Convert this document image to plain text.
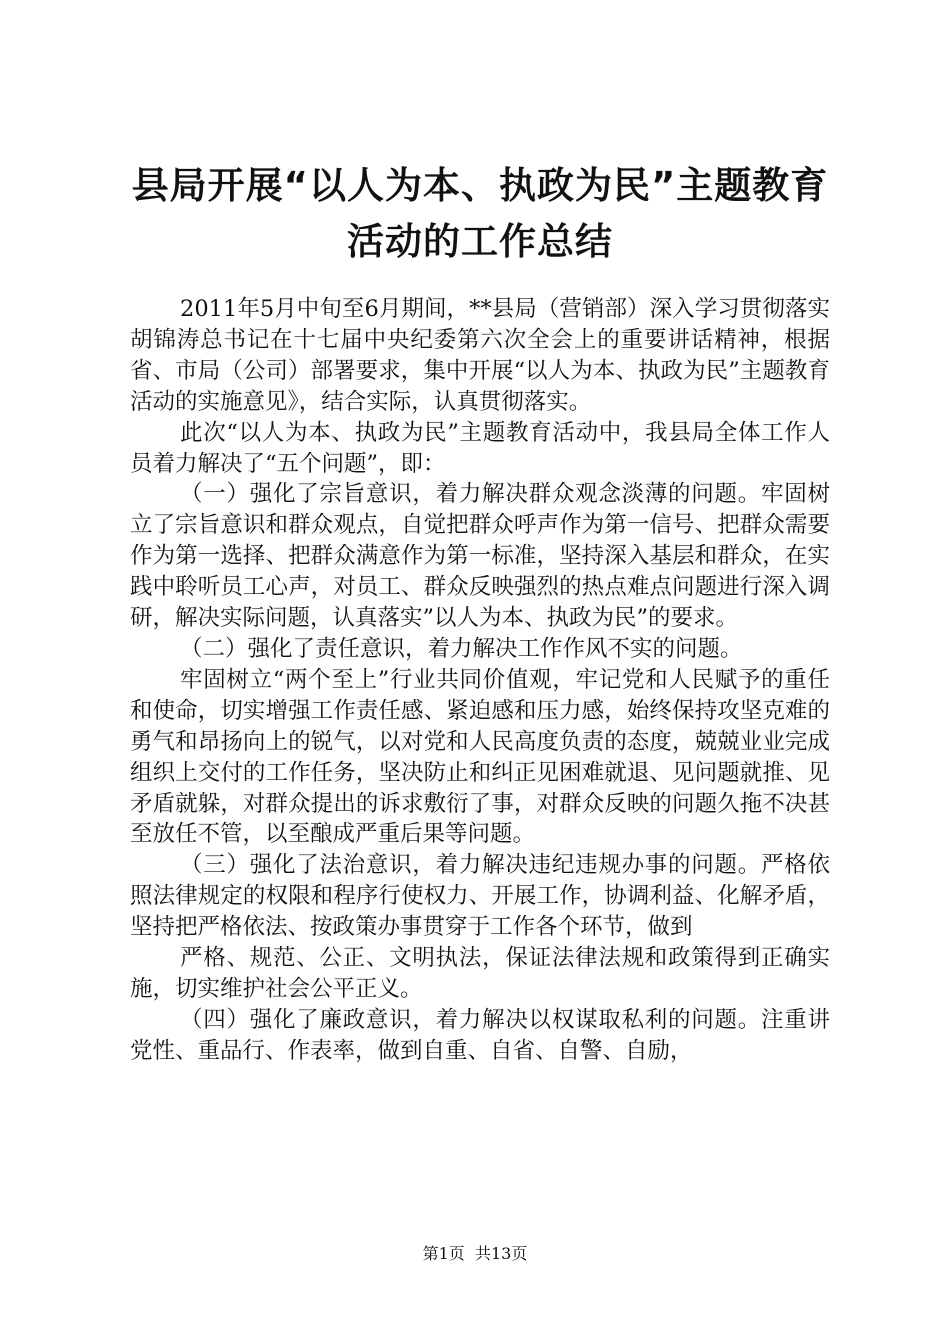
县局开展“以人为本、执政为民”主题教育活动的工作总结

2011年5月中旬至6月期间，**县局（营销部）深入学习贯彻落实胡锦涛总书记在十七届中央纪委第六次全会上的重要讲话精神，根据省、市局（公司）部署要求，集中开展“以人为本、执政为民”主题教育活动的实施意见》，结合实际，认真贯彻落实。

此次“以人为本、执政为民”主题教育活动中，我县局全体工作人员着力解决了“五个问题”，即：

（一）强化了宗旨意识，着力解决群众观念淡薄的问题。牢固树立了宗旨意识和群众观点，自觉把群众呼声作为第一信号、把群众需要作为第一选择、把群众满意作为第一标准，坚持深入基层和群众，在实践中聆听员工心声，对员工、群众反映强烈的热点难点问题进行深入调研，解决实际问题，认真落实”以人为本、执政为民”的要求。

（二）强化了责任意识，着力解决工作作风不实的问题。

牢固树立“两个至上”行业共同价值观，牢记党和人民赋予的重任和使命，切实增强工作责任感、紧迫感和压力感，始终保持攻坚克难的勇气和昂扬向上的锐气，以对党和人民高度负责的态度，兢兢业业完成组织上交付的工作任务，坚决防止和纠正见困难就退、见问题就推、见矛盾就躲，对群众提出的诉求敷衍了事，对群众反映的问题久拖不决甚至放任不管，以至酿成严重后果等问题。

（三）强化了法治意识，着力解决违纪违规办事的问题。严格依照法律规定的权限和程序行使权力、开展工作，协调利益、化解矛盾，坚持把严格依法、按政策办事贯穿于工作各个环节，做到

严格、规范、公正、文明执法，保证法律法规和政策得到正确实施，切实维护社会公平正义。

（四）强化了廉政意识，着力解决以权谋取私利的问题。注重讲党性、重品行、作表率，做到自重、自省、自警、自励，

第1页 共13页
